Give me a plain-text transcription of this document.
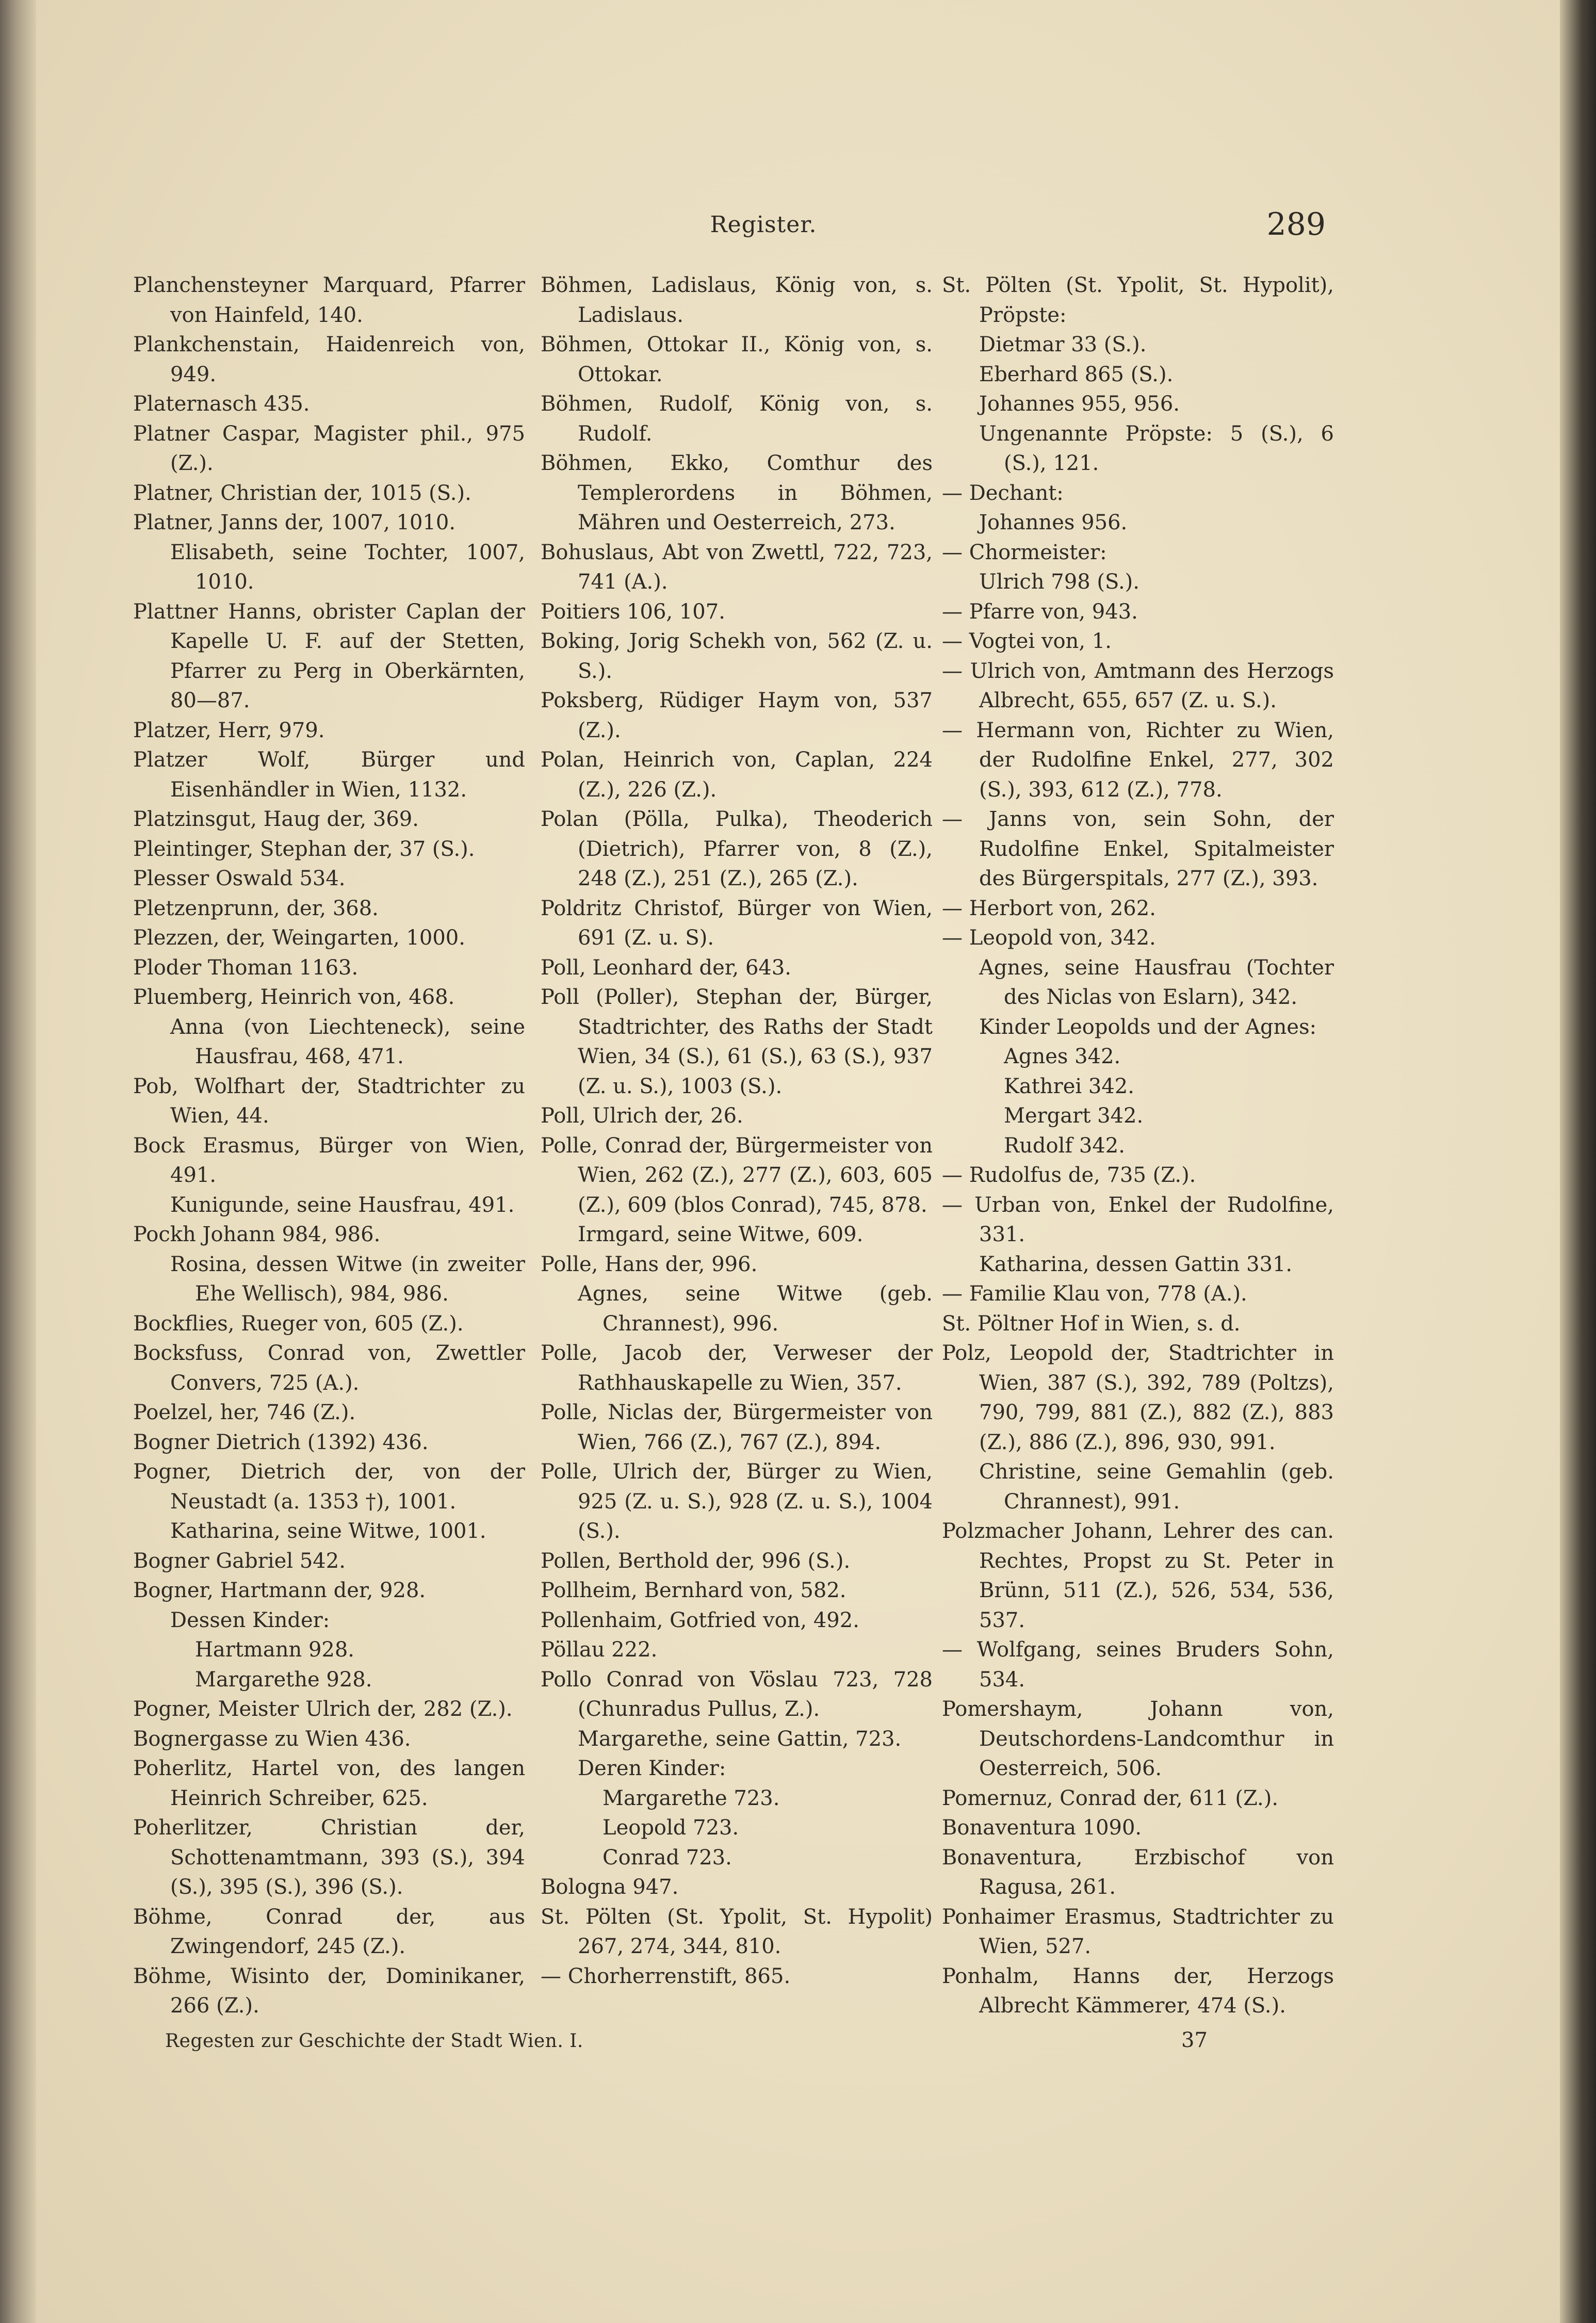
Register.	289

Planchensteyner Marquard, Pfarrer von Hainfeld, 140.

Plankchenstain, Haidenreich von, 949.

Platernasch 435.

Platner Caspar, Magister phil., 975 (Z.).

Platner, Christian der, 1015 (S.).

Platner, Janns der, 1007, 1010.

Elisabeth, seine Tochter, 1007, 1010.

Plattner Hanns, obrister Caplan der Kapelle U. F. auf der Stetten, Pfarrer zu Perg in Oberkärnten, 80—87.

Platzer, Herr, 979.

Platzer Wolf, Bürger und Eisenhändler in Wien, 1132.

Platzinsgut, Haug der, 369.

Pleintinger, Stephan der, 37 (S.).

Plesser Oswald 534.

Pletzenprunn, der, 368.

Plezzen, der, Weingarten, 1000.

Ploder Thoman 1163.

Pluemberg, Heinrich von, 468.

Anna (von Liechteneck), seine Hausfrau, 468, 471.

Pob, Wolfhart der, Stadtrichter zu Wien, 44.

Bock Erasmus, Bürger von Wien, 491.

Kunigunde, seine Hausfrau, 491.

Pockh Johann 984, 986.

Rosina, dessen Witwe (in zweiter Ehe Wellisch), 984, 986.

Bockflies, Rueger von, 605 (Z.).

Bocksfuss, Conrad von, Zwettler Convers, 725 (A.).

Poelzel, her, 746 (Z.).

Bogner Dietrich (1392) 436.

Pogner, Dietrich der, von der Neustadt (a. 1353 †), 1001.

Katharina, seine Witwe, 1001.

Bogner Gabriel 542.

Bogner, Hartmann der, 928.

Dessen Kinder:

Hartmann 928.

Margarethe 928.

Pogner, Meister Ulrich der, 282 (Z.).

Bognergasse zu Wien 436.

Poherlitz, Hartel von, des langen Heinrich Schreiber, 625.

Poherlitzer, Christian der, Schottenamtmann, 393 (S.), 394 (S.), 395 (S.), 396 (S.).

Böhme, Conrad der, aus Zwingendorf, 245 (Z.).

Böhme, Wisinto der, Dominikaner, 266 (Z.).

Böhmen, Ladislaus, König von, s. Ladislaus.

Böhmen, Ottokar II., König von, s. Ottokar.

Böhmen, Rudolf, König von, s. Rudolf.

Böhmen, Ekko, Comthur des Templerordens in Böhmen, Mähren und Oesterreich, 273.

Bohuslaus, Abt von Zwettl, 722, 723, 741 (A.).

Poitiers 106, 107.

Boking, Jorig Schekh von, 562 (Z. u. S.).

Poksberg, Rüdiger Haym von, 537 (Z.).

Polan, Heinrich von, Caplan, 224 (Z.), 226 (Z.).

Polan (Pölla, Pulka), Theoderich (Dietrich), Pfarrer von, 8 (Z.), 248 (Z.), 251 (Z.), 265 (Z.).

Poldritz Christof, Bürger von Wien, 691 (Z. u. S).

Poll, Leonhard der, 643.

Poll (Poller), Stephan der, Bürger, Stadtrichter, des Raths der Stadt Wien, 34 (S.), 61 (S.), 63 (S.), 937 (Z. u. S.), 1003 (S.).

Poll, Ulrich der, 26.

Polle, Conrad der, Bürgermeister von Wien, 262 (Z.), 277 (Z.), 603, 605 (Z.), 609 (blos Conrad), 745, 878.

Irmgard, seine Witwe, 609.

Polle, Hans der, 996.

Agnes, seine Witwe (geb. Chrannest), 996.

Polle, Jacob der, Verweser der Rathhauskapelle zu Wien, 357.

Polle, Niclas der, Bürgermeister von Wien, 766 (Z.), 767 (Z.), 894.

Polle, Ulrich der, Bürger zu Wien, 925 (Z. u. S.), 928 (Z. u. S.), 1004 (S.).

Pollen, Berthold der, 996 (S.).

Pollheim, Bernhard von, 582.

Pollenhaim, Gotfried von, 492.

Pöllau 222.

Pollo Conrad von Vöslau 723, 728 (Chunradus Pullus, Z.).

Margarethe, seine Gattin, 723.

Deren Kinder:

Margarethe 723.

Leopold 723.

Conrad 723.

Bologna 947.

St. Pölten (St. Ypolit, St. Hypolit) 267, 274, 344, 810.

— Chorherrenstift, 865.

St. Pölten (St. Ypolit, St. Hypolit), Pröpste:

Dietmar 33 (S.).

Eberhard 865 (S.).

Johannes 955, 956.

Ungenannte Pröpste: 5 (S.), 6 (S.), 121.

— Dechant:

Johannes 956.

— Chormeister:

Ulrich 798 (S.).

— Pfarre von, 943.

— Vogtei von, 1.

— Ulrich von, Amtmann des Herzogs Albrecht, 655, 657 (Z. u. S.).

— Hermann von, Richter zu Wien, der Rudolfine Enkel, 277, 302 (S.), 393, 612 (Z.), 778.

— Janns von, sein Sohn, der Rudolfine Enkel, Spitalmeister des Bürgerspitals, 277 (Z.), 393.

— Herbort von, 262.

— Leopold von, 342.

Agnes, seine Hausfrau (Tochter des Niclas von Eslarn), 342.

Kinder Leopolds und der Agnes:

Agnes 342.

Kathrei 342.

Mergart 342.

Rudolf 342.

— Rudolfus de, 735 (Z.).

— Urban von, Enkel der Rudolfine, 331.

Katharina, dessen Gattin 331.

— Familie Klau von, 778 (A.).

St. Pöltner Hof in Wien, s. d.

Polz, Leopold der, Stadtrichter in Wien, 387 (S.), 392, 789 (Poltzs), 790, 799, 881 (Z.), 882 (Z.), 883 (Z.), 886 (Z.), 896, 930, 991.

Christine, seine Gemahlin (geb. Chrannest), 991.

Polzmacher Johann, Lehrer des can. Rechtes, Propst zu St. Peter in Brünn, 511 (Z.), 526, 534, 536, 537.

— Wolfgang, seines Bruders Sohn, 534.

Pomershaym, Johann von, Deutschordens-Landcomthur in Oesterreich, 506.

Pomernuz, Conrad der, 611 (Z.).

Bonaventura 1090.

Bonaventura, Erzbischof von Ragusa, 261.

Ponhaimer Erasmus, Stadtrichter zu Wien, 527.

Ponhalm, Hanns der, Herzogs Albrecht Kämmerer, 474 (S.).

Regesten zur Geschichte der Stadt Wien. I.	37
